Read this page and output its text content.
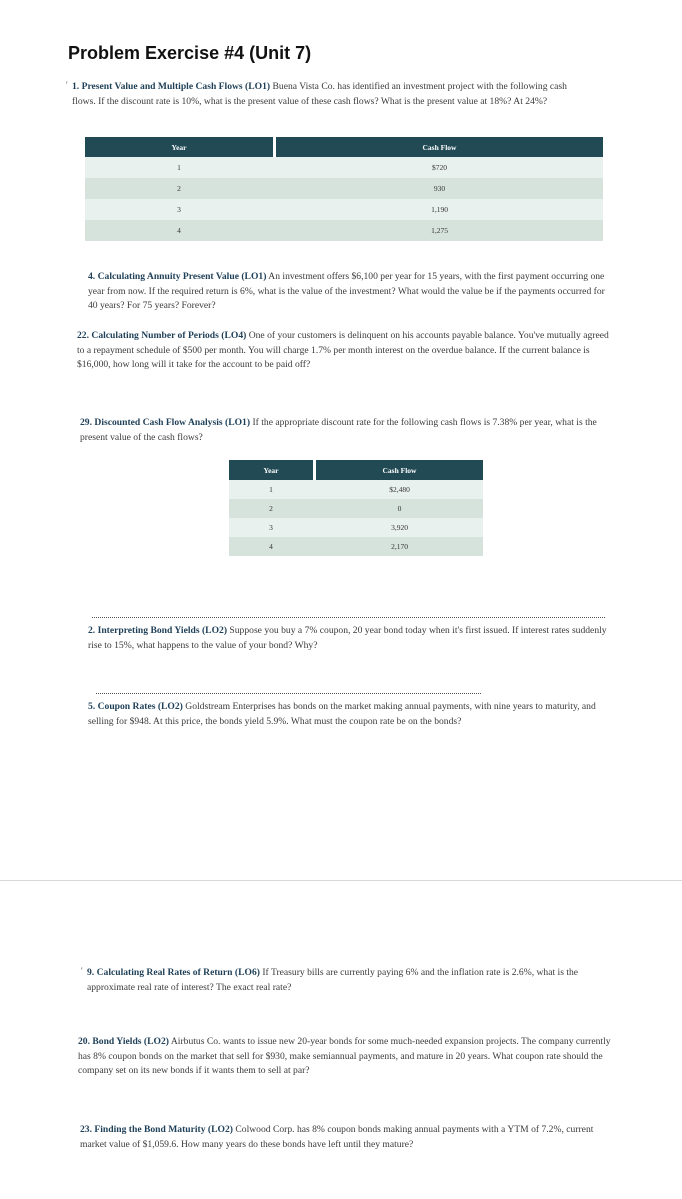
Problem Exercise #4 (Unit 7)
' 1. Present Value and Multiple Cash Flows (LO1) Buena Vista Co. has identified an investment project with the following cash flows. If the discount rate is 10%, what is the present value of these cash flows? What is the present value at 18%? At 24%?
Year		Cash Flow
1		$720
2		930
3		1,190
4		1,275
4. Calculating Annuity Present Value (LO1) An investment offers $6,100 per year for 15 years, with the first payment occurring one year from now. If the required return is 6%, what is the value of the investment? What would the value be if the payments occurred for 40 years? For 75 years? Forever?
22. Calculating Number of Periods (LO4) One of your customers is delinquent on his accounts payable balance. You've mutually agreed to a repayment schedule of $500 per month. You will charge 1.7% per month interest on the overdue balance. If the current balance is $16,000, how long will it take for the account to be paid off?
29. Discounted Cash Flow Analysis (LO1) If the appropriate discount rate for the following cash flows is 7.38% per year, what is the present value of the cash flows?
Year		Cash Flow
1		$2,480
2		0
3		3,920
4		2,170
2. Interpreting Bond Yields (LO2) Suppose you buy a 7% coupon, 20 year bond today when it's first issued. If interest rates suddenly rise to 15%, what happens to the value of your bond? Why?
5. Coupon Rates (LO2) Goldstream Enterprises has bonds on the market making annual payments, with nine years to maturity, and selling for $948. At this price, the bonds yield 5.9%. What must the coupon rate be on the bonds?
' 9. Calculating Real Rates of Return (LO6) If Treasury bills are currently paying 6% and the inflation rate is 2.6%, what is the approximate real rate of interest? The exact real rate?
20. Bond Yields (LO2) Airbutus Co. wants to issue new 20-year bonds for some much-needed expansion projects. The company currently has 8% coupon bonds on the market that sell for $930, make semiannual payments, and mature in 20 years. What coupon rate should the company set on its new bonds if it wants them to sell at par?
23. Finding the Bond Maturity (LO2) Colwood Corp. has 8% coupon bonds making annual payments with a YTM of 7.2%, current market value of $1,059.6. How many years do these bonds have left until they mature?
